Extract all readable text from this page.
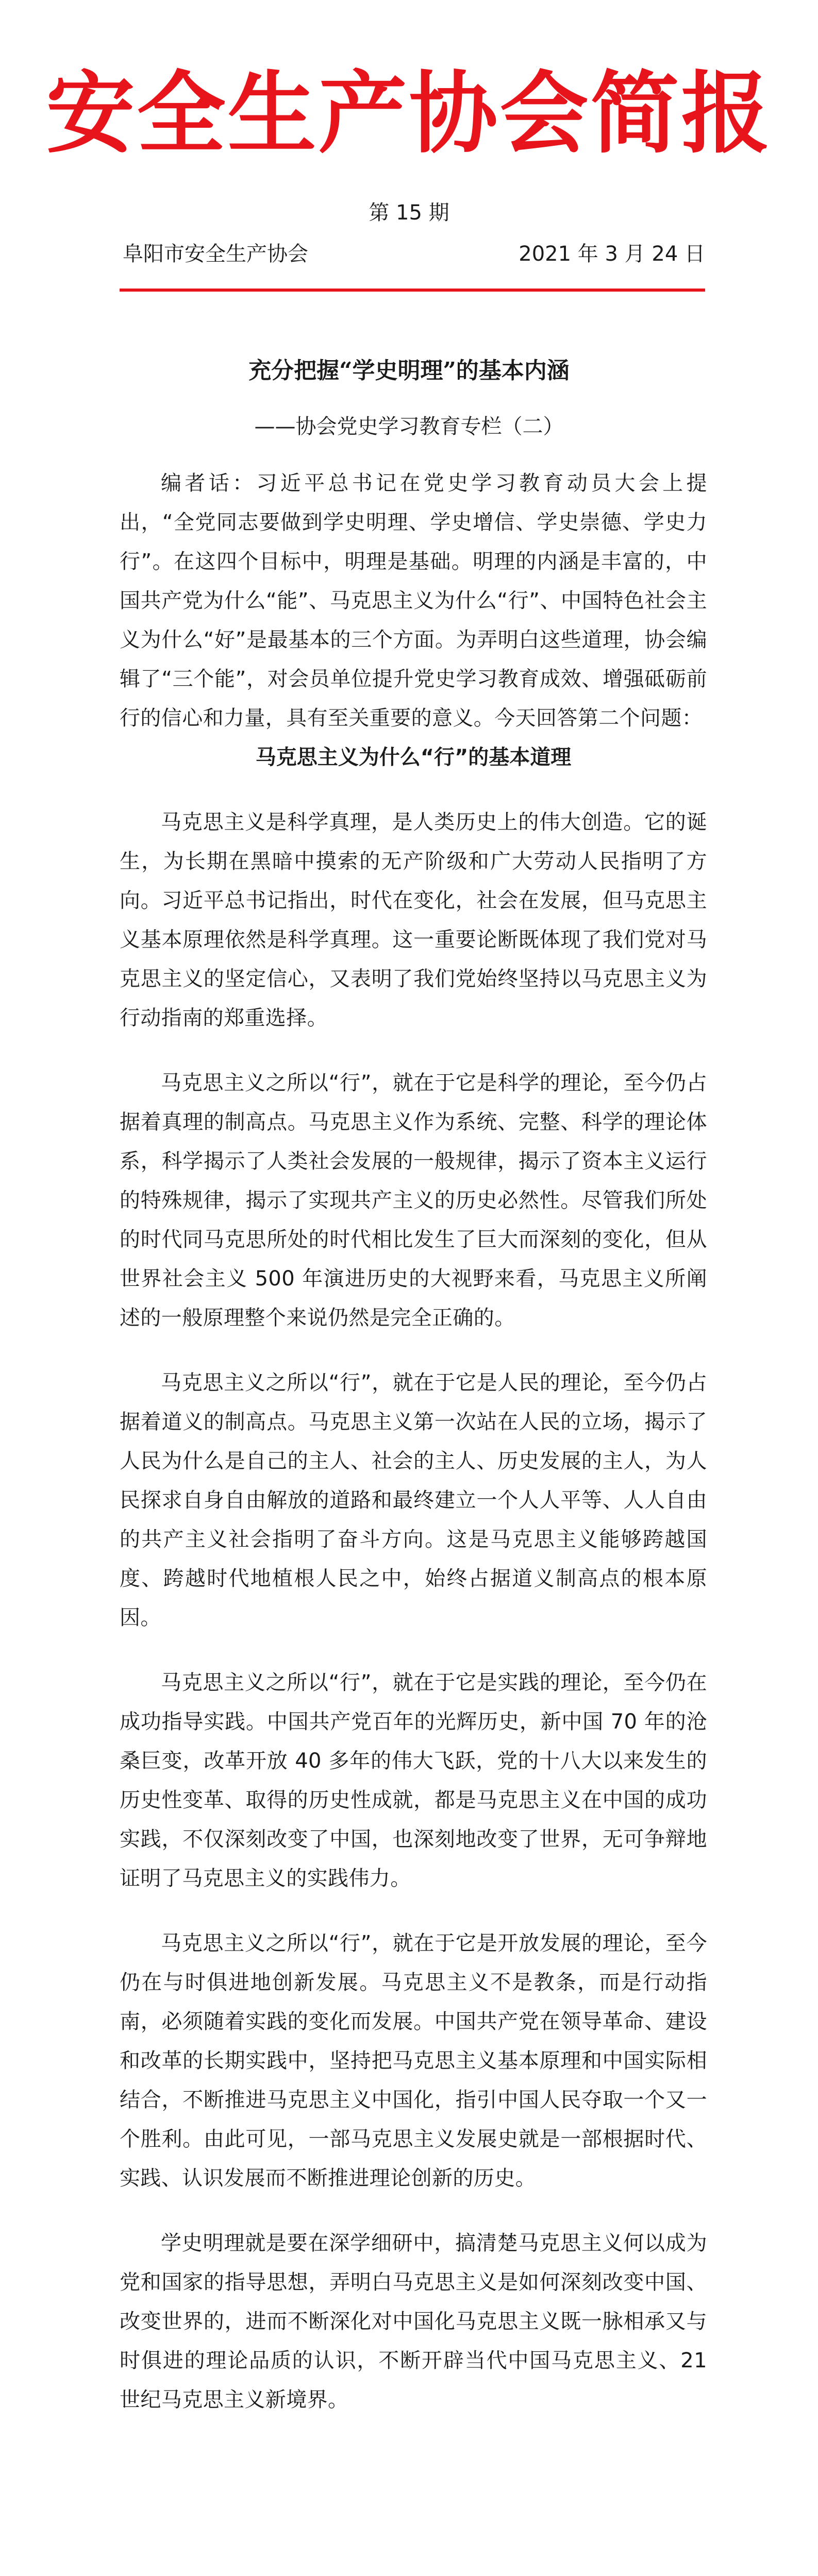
安全生产协会简报
第 15 期
阜阳市安全生产协会	2021 年 3 月 24 日
充分把握“学史明理”的基本内涵
——协会党史学习教育专栏（二）

编者话：习近平总书记在党史学习教育动员大会上提出，“全党同志要做到学史明理、学史增信、学史崇德、学史力行”。在这四个目标中，明理是基础。明理的内涵是丰富的，中国共产党为什么“能”、马克思主义为什么“行”、中国特色社会主义为什么“好”是最基本的三个方面。为弄明白这些道理，协会编辑了“三个能”，对会员单位提升党史学习教育成效、增强砥砺前行的信心和力量，具有至关重要的意义。今天回答第二个问题：

马克思主义为什么“行”的基本道理

马克思主义是科学真理，是人类历史上的伟大创造。它的诞生，为长期在黑暗中摸索的无产阶级和广大劳动人民指明了方向。习近平总书记指出，时代在变化，社会在发展，但马克思主义基本原理依然是科学真理。这一重要论断既体现了我们党对马克思主义的坚定信心，又表明了我们党始终坚持以马克思主义为行动指南的郑重选择。

马克思主义之所以“行”，就在于它是科学的理论，至今仍占据着真理的制高点。马克思主义作为系统、完整、科学的理论体系，科学揭示了人类社会发展的一般规律，揭示了资本主义运行的特殊规律，揭示了实现共产主义的历史必然性。尽管我们所处的时代同马克思所处的时代相比发生了巨大而深刻的变化，但从世界社会主义 500 年演进历史的大视野来看，马克思主义所阐述的一般原理整个来说仍然是完全正确的。

马克思主义之所以“行”，就在于它是人民的理论，至今仍占据着道义的制高点。马克思主义第一次站在人民的立场，揭示了人民为什么是自己的主人、社会的主人、历史发展的主人，为人民探求自身自由解放的道路和最终建立一个人人平等、人人自由的共产主义社会指明了奋斗方向。这是马克思主义能够跨越国度、跨越时代地植根人民之中，始终占据道义制高点的根本原因。

马克思主义之所以“行”，就在于它是实践的理论，至今仍在成功指导实践。中国共产党百年的光辉历史，新中国 70 年的沧桑巨变，改革开放 40 多年的伟大飞跃，党的十八大以来发生的历史性变革、取得的历史性成就，都是马克思主义在中国的成功实践，不仅深刻改变了中国，也深刻地改变了世界，无可争辩地证明了马克思主义的实践伟力。

马克思主义之所以“行”，就在于它是开放发展的理论，至今仍在与时俱进地创新发展。马克思主义不是教条，而是行动指南，必须随着实践的变化而发展。中国共产党在领导革命、建设和改革的长期实践中，坚持把马克思主义基本原理和中国实际相结合，不断推进马克思主义中国化，指引中国人民夺取一个又一个胜利。由此可见，一部马克思主义发展史就是一部根据时代、实践、认识发展而不断推进理论创新的历史。

学史明理就是要在深学细研中，搞清楚马克思主义何以成为党和国家的指导思想，弄明白马克思主义是如何深刻改变中国、改变世界的，进而不断深化对中国化马克思主义既一脉相承又与时俱进的理论品质的认识，不断开辟当代中国马克思主义、21 世纪马克思主义新境界。
